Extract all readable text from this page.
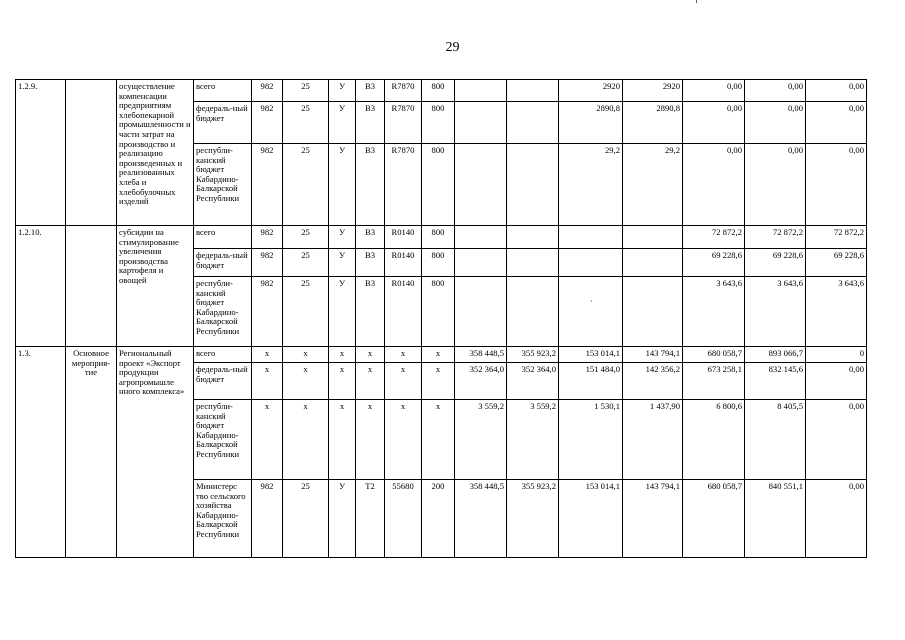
29
·
1.2.9.		осуществление компенсации предприятиям хлебопекарной промышленности и части затрат на производство и реализацию произведенных и реализованных хлеба и хлебобулочных изделий	всего	982	25	У	В3	R7870	800			2920	2920	0,00	0,00	0,00
			федераль-ный бюджет	982	25	У	В3	R7870	800			2890,8	2890,8	0,00	0,00	0,00
			республи-канский бюджет Кабардино-Балкарской Республики	982	25	У	В3	R7870	800			29,2	29,2	0,00	0,00	0,00
1.2.10.		субсидии на стимулирование увеличения производства картофеля и овощей	всего	982	25	У	В3	R0140	800					72 872,2	72 872,2	72 872,2
			федераль-ный бюджет	982	25	У	В3	R0140	800					69 228,6	69 228,6	69 228,6
			республи-канский бюджет Кабардино-Балкарской Республики	982	25	У	В3	R0140	800					3 643,6	3 643,6	3 643,6
1.3.	Основное мероприя-тие	Региональный проект «Экспорт продукции агропромышле нного комплекса»	всего	х	х	х	х	х	х	358 448,5	355 923,2	153 014,1	143 794,1	680 058,7	893 066,7	0
			федераль-ный бюджет	х	х	х	х	х	х	352 364,0	352 364,0	151 484,0	142 356,2	673 258,1	832 145,6	0,00
			республи-канский бюджет Кабардино-Балкарской Республики	х	х	х	х	х	х	3 559,2	3 559,2	1 530,1	1 437,90	6 800,6	8 405,5	0,00
			Министерс тво сельского хозяйства Кабардино-Балкарской Республики	982	25	У	Т2	55680	200	358 448,5	355 923,2	153 014,1	143 794,1	680 058,7	840 551,1	0,00
